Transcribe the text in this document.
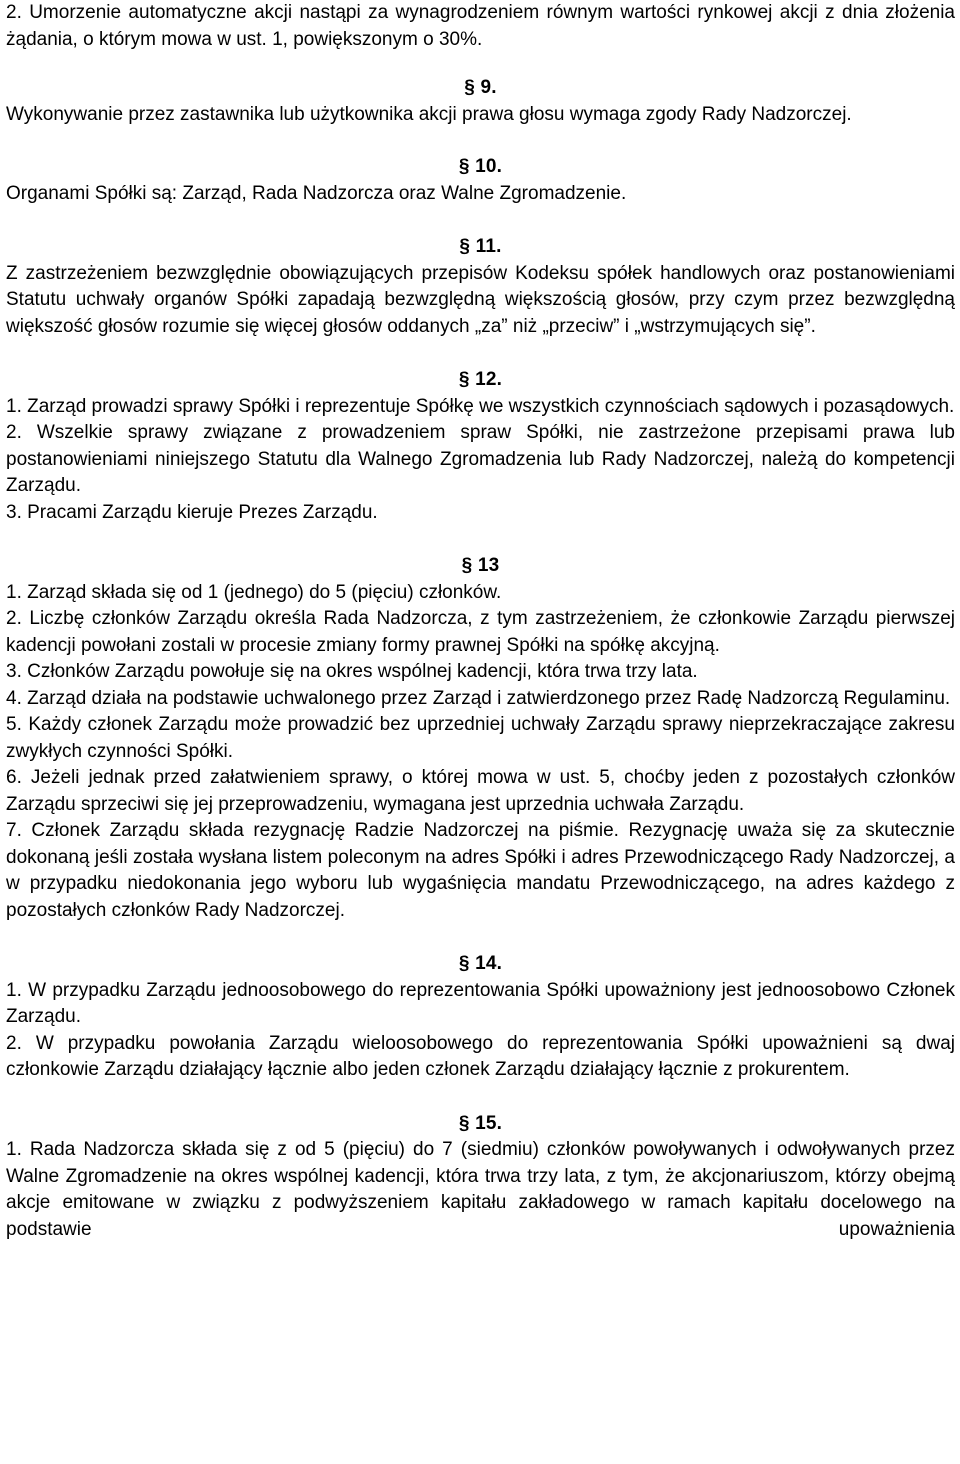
2. Umorzenie automatyczne akcji nastąpi za wynagrodzeniem równym wartości rynkowej akcji z dnia złożenia żądania, o którym mowa w ust. 1, powiększonym o 30%.

§ 9.

Wykonywanie przez zastawnika lub użytkownika akcji prawa głosu wymaga zgody Rady Nadzorczej.

§ 10.

Organami Spółki są: Zarząd, Rada Nadzorcza oraz Walne Zgromadzenie.

§ 11.

Z zastrzeżeniem bezwzględnie obowiązujących przepisów Kodeksu spółek handlowych oraz postanowieniami Statutu uchwały organów Spółki zapadają bezwzględną większością głosów, przy czym przez bezwzględną większość głosów rozumie się więcej głosów oddanych „za” niż „przeciw” i „wstrzymujących się”.

§ 12.

1. Zarząd prowadzi sprawy Spółki i reprezentuje Spółkę we wszystkich czynnościach sądowych i pozasądowych.

2. Wszelkie sprawy związane z prowadzeniem spraw Spółki, nie zastrzeżone przepisami prawa lub postanowieniami niniejszego Statutu dla Walnego Zgromadzenia lub Rady Nadzorczej, należą do kompetencji Zarządu.

3. Pracami Zarządu kieruje Prezes Zarządu.

§ 13

1. Zarząd składa się od 1 (jednego) do 5 (pięciu) członków.

2. Liczbę członków Zarządu określa Rada Nadzorcza, z tym zastrzeżeniem, że członkowie Zarządu pierwszej kadencji powołani zostali w procesie zmiany formy prawnej Spółki na spółkę akcyjną.

3. Członków Zarządu powołuje się na okres wspólnej kadencji, która trwa trzy lata.

4. Zarząd działa na podstawie uchwalonego przez Zarząd i zatwierdzonego przez Radę Nadzorczą Regulaminu.

5. Każdy członek Zarządu może prowadzić bez uprzedniej uchwały Zarządu sprawy nieprzekraczające zakresu zwykłych czynności Spółki.

6. Jeżeli jednak przed załatwieniem sprawy, o której mowa w ust. 5, choćby jeden z pozostałych członków Zarządu sprzeciwi się jej przeprowadzeniu, wymagana jest uprzednia uchwała Zarządu.

7. Członek Zarządu składa rezygnację Radzie Nadzorczej na piśmie. Rezygnację uważa się za skutecznie dokonaną jeśli została wysłana listem poleconym na adres Spółki i adres Przewodniczącego Rady Nadzorczej, a w przypadku niedokonania jego wyboru lub wygaśnięcia mandatu Przewodniczącego, na adres każdego z pozostałych członków Rady Nadzorczej.

§ 14.

1. W przypadku Zarządu jednoosobowego do reprezentowania Spółki upoważniony jest jednoosobowo Członek Zarządu.

2. W przypadku powołania Zarządu wieloosobowego do reprezentowania Spółki upoważnieni są dwaj członkowie Zarządu działający łącznie albo jeden członek Zarządu działający łącznie z prokurentem.

§ 15.

1. Rada Nadzorcza składa się z od 5 (pięciu) do 7 (siedmiu) członków powoływanych i odwoływanych przez Walne Zgromadzenie na okres wspólnej kadencji, która trwa trzy lata, z tym, że akcjonariuszom, którzy obejmą akcje emitowane w związku z podwyższeniem kapitału zakładowego w ramach kapitału docelowego na podstawie upoważnienia
